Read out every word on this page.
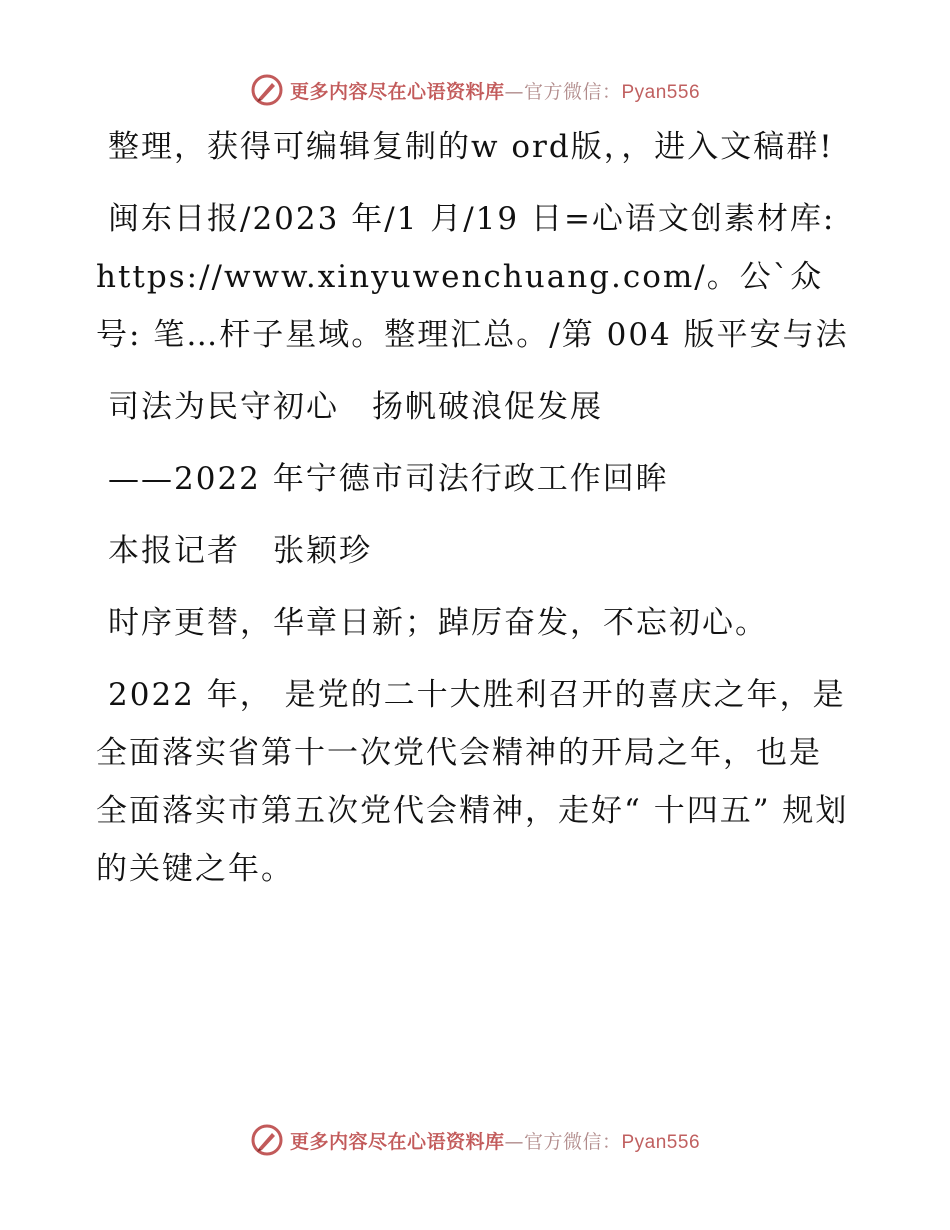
更多内容尽在心语资料库—官方微信：Pyan556

整理，获得可编辑复制的w ord版，，进入文稿群!

闽东日报/2023 年/1 月/19 日=心语文创素材库: https://www.xinyuwenchuang.com/。公`众号: 笔…杆子星域。整理汇总。/第 004 版平安与法

司法为民守初心　扬帆破浪促发展

——2022 年宁德市司法行政工作回眸

本报记者　张颖珍

时序更替，华章日新；踔厉奋发，不忘初心。

2022 年， 是党的二十大胜利召开的喜庆之年，是全面落实省第十一次党代会精神的开局之年，也是全面落实市第五次党代会精神，走好“ 十四五” 规划的关键之年。

更多内容尽在心语资料库—官方微信：Pyan556
